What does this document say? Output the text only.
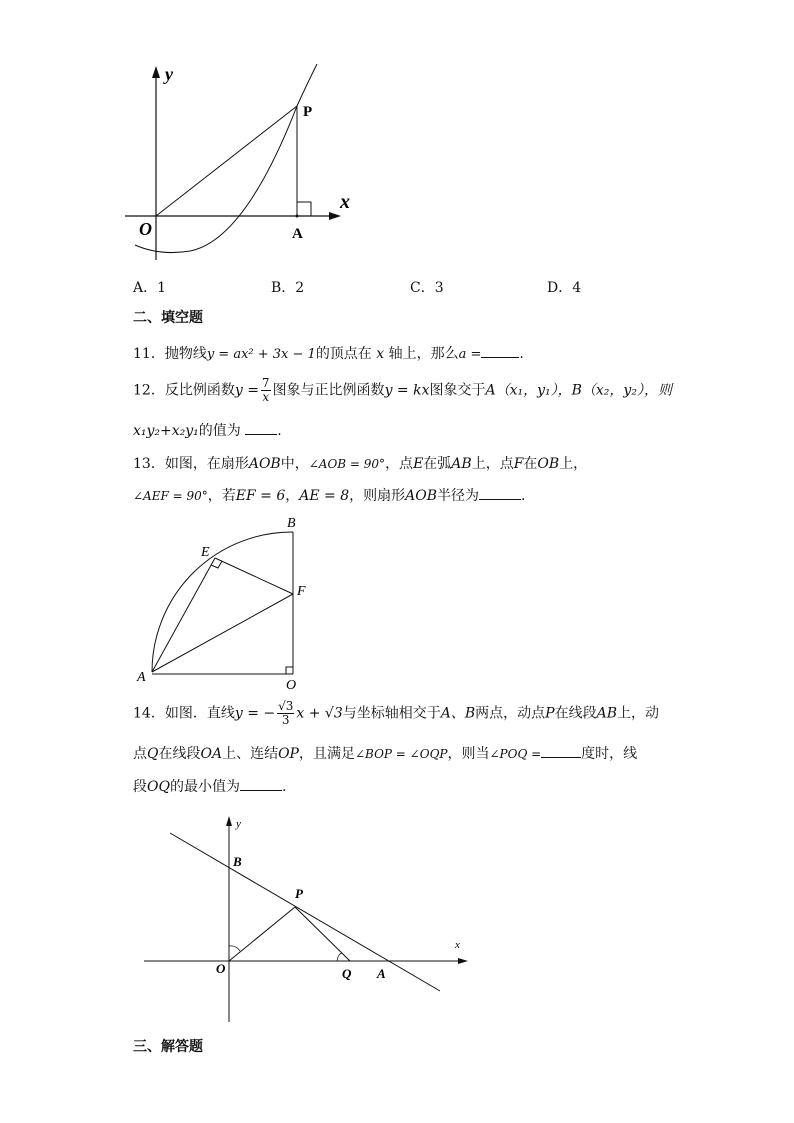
y
x
O
P
A
A．1	B．2	C．3	D．4
二、填空题
11．抛物线y = ax² + 3x − 1的顶点在 x 轴上，那么a =	.
12．反比例函数$y = \frac{7}{x}$ 图象与正比例函数y = kx图象交于A（x₁，y₁），B（x₂，y₂），则
x₁y₂+x₂y₁的值为	.
13．如图，在扇形AOB中，∠AOB = 90°，点E在弧AB上，点F在OB上，
∠AEF = 90°，若EF = 6，AE = 8，则扇形AOB半径为	.
B
E
F
A
O
14．如图．直线y = − $\frac{√3}{3}$ x + √3与坐标轴相交于A、B两点，动点P在线段AB上，动
点Q在线段OA上、连结OP，且满足∠BOP = ∠OQP，则当∠POQ =	度时，线
段OQ的最小值为	.
y
x
B
P
O	Q A
三、解答题
